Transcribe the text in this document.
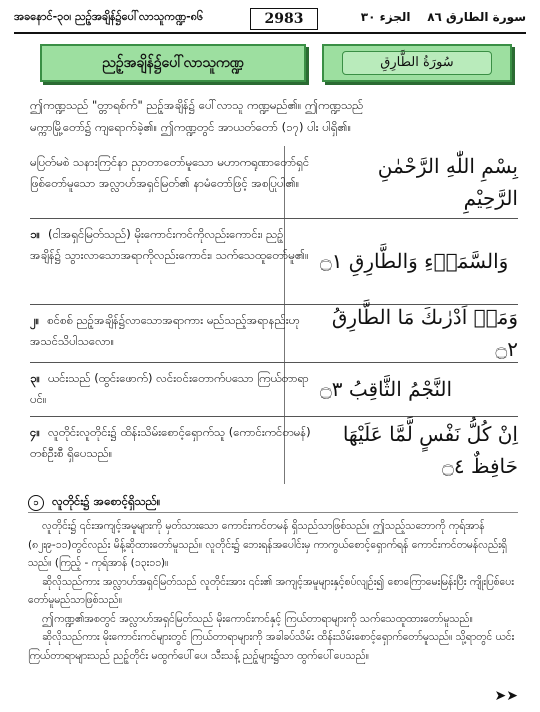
အခနောင်-၃၀၊ ညဥ့်အချိန်၌ပေါ်လာသူကဏ္ဍ-၈၆	2983	سورة الطارق ٨٦    الجزء ٣٠
ညဥ့်အချိန်၌ပေါ်လာသူကဏ္ဍ	سُورَةُ الطَّارِقِ

ဤကဏ္ဍသည် "တ္တာရစ်က်" ညဥ့်အချိန်၌ ပေါ်လာသူ ကဏ္ဍမည်၏။ ဤကဏ္ဍသည်

မက္ကာမြို့တော်၌ ကျရောက်ခဲ့၏။ ဤကဏ္ဍတွင် အာယတ်တော် (၁၇) ပါး ပါရှိ၏။

မပြတ်မစဲ သနားကြင်နာ ညှာတာတော်မူသော မဟာကရုဏာတော်ရှင် ဖြစ်တော်မူသော အလ္လာဟ်အရှင်မြတ်၏ နာမံတော်ဖြင့် အစပြုပါ၏။
بِسْمِ اللّٰهِ الرَّحْمٰنِ الرَّحِيْمِ
၁။ (ငါအရှင်မြတ်သည်) မိုးကောင်းကင်ကိုလည်းကောင်း၊ ညဥ့်အချိန်၌ သွားလာသောအရာကိုလည်းကောင်း၊ သက်သေထူတော်မူ၏။ وَالسَّمَاۤءِ وَالطَّارِقِ ۝١
၂။ စင်စစ် ညဥ့်အချိန်၌လာသောအရာကား မည်သည့်အရာနည်းဟု အသင်သိပါသလော။
وَمَاۤ اَدْرٰىكَ مَا الطَّارِقُ ۝٢
၃။ ယင်းသည် (ထွင်းဖောက်) လင်းဝင်းတောက်ပသော ကြယ်တာရာပင်။	النَّجْمُ الثَّاقِبُ ۝٣
၄။ လူတိုင်းလူတိုင်း၌ ထိန်းသိမ်းစောင့်ရှောက်သူ (ကောင်းကင်တမန်) တစ်ဦးစီ ရှိပေသည်။
اِنْ كُلُّ نَفْسٍ لَّمَّا عَلَيْهَا حَافِظٌ ۝٤
၁ လူတိုင်း၌ အစောင့်ရှိသည်။

လူတိုင်း၌ ၎င်းအကျင့်အမူများကို မှတ်သားသော ကောင်းကင်တမန် ရှိသည်သာဖြစ်သည်။ ဤသည့်သဘောကို ကုရ်အာန် (၈၂း၉-၁၁)တွင်လည်း မိန့်ဆိုထားတော်မူသည်။ လူတိုင်း၌ ဘေးရန်အပေါင်းမှ ကာကွယ်စောင့်ရှောက်ရန် ကောင်းကင်တမန်လည်းရှိသည်။ (ကြည့် - ကုရ်အာန် (၁၃း၁၁)။

ဆိုလိုသည်ကား အလ္လာဟ်အရှင်မြတ်သည် လူတိုင်းအား ၎င်း၏ အကျင့်အမူများနှင့်စပ်လျဉ်း၍ စောကြောမေးမြန်းပြီး ကျိုးပြစ်ပေးတော်မူမည်သာဖြစ်သည်။

ဤကဏ္ဍ၏အစတွင် အလ္လာဟ်အရှင်မြတ်သည် မိုးကောင်းကင်နှင့် ကြယ်တာရာများကို သက်သေထူထားတော်မူသည်။

ဆိုလိုသည်ကား မိုးကောင်းကင်များတွင် ကြယ်တာရာများကို အခါခပ်သိမ်း ထိန်းသိမ်းစောင့်ရှောက်တော်မူသည်။ သို့ရာတွင် ယင်းကြယ်တာရာများသည် ညဥ့်တိုင်း မထွက်ပေါ်ပေ၊ သီးသန့် ညဥ့်များ၌သာ ထွက်ပေါ်ပေသည်။

➤➤
